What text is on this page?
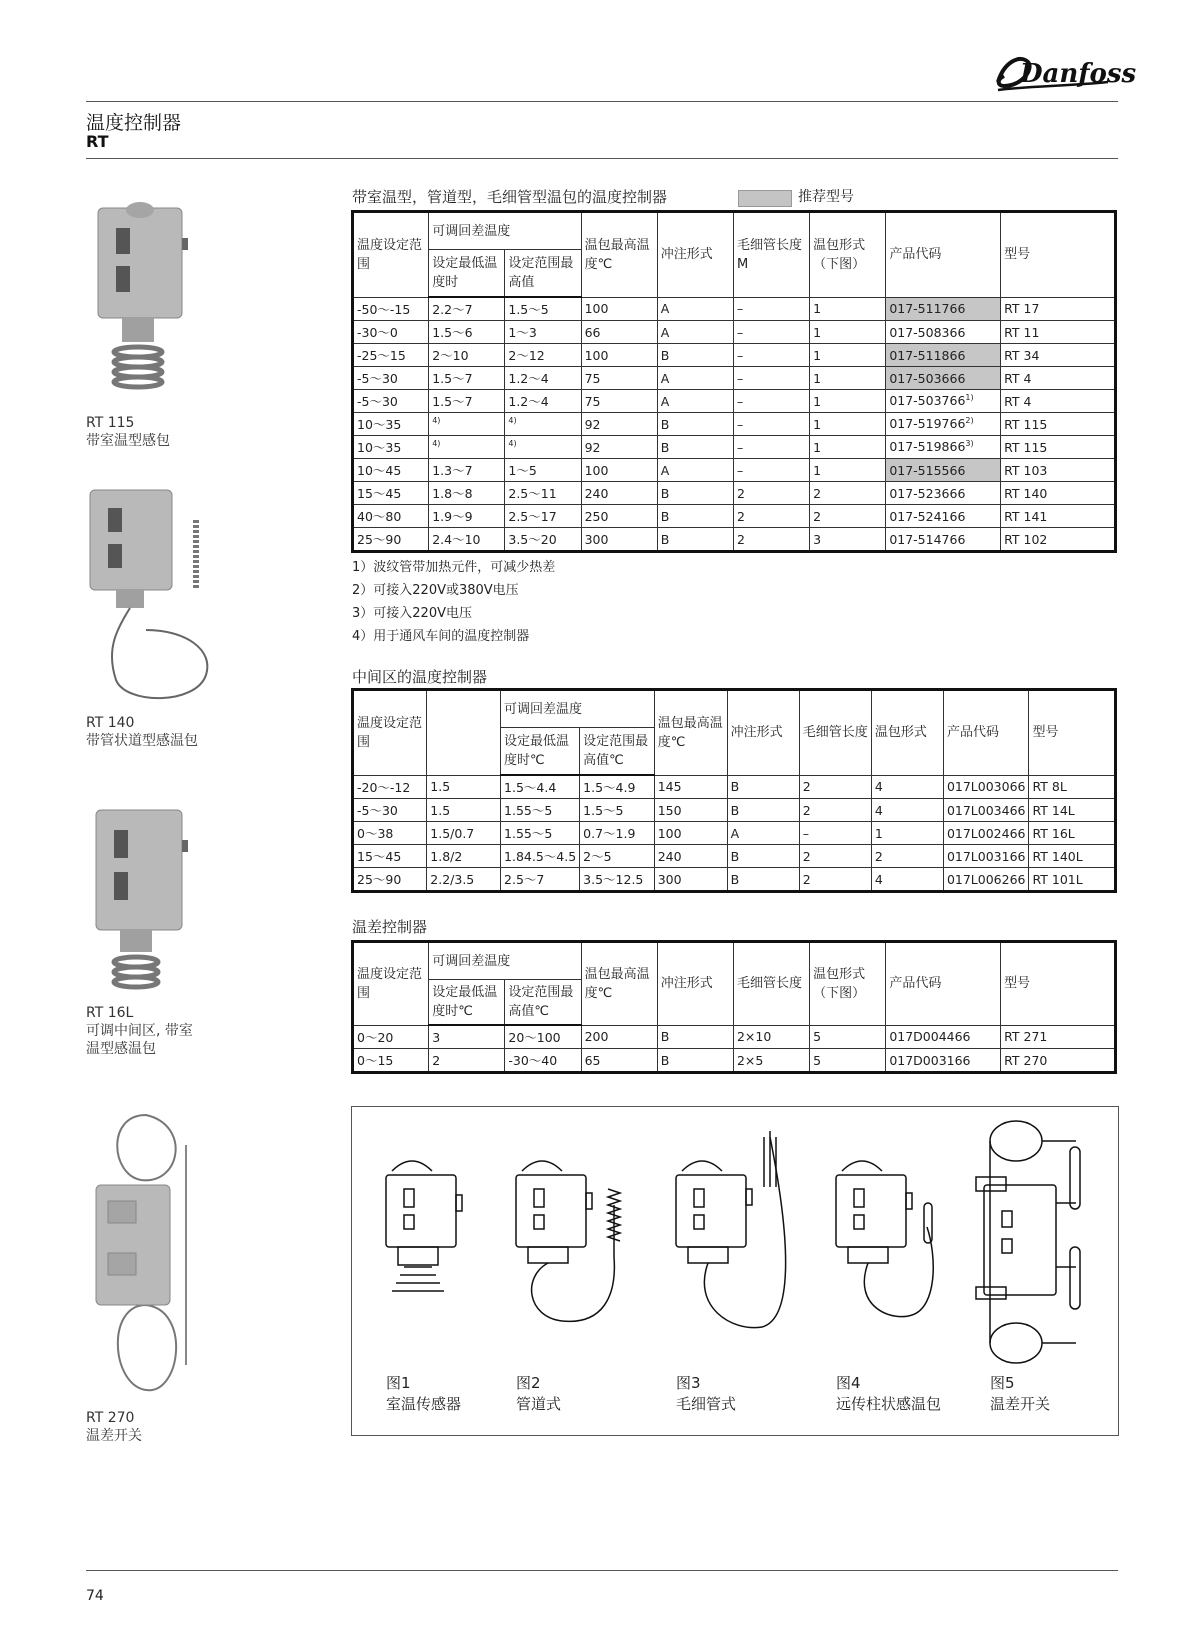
Danfoss
温度控制器
RT
RT 115
带室温型感包
RT 140
带管状道型感温包
RT 16L
可调中间区, 带室
温型感温包
RT 270
温差开关
带室温型，管道型，毛细管型温包的温度控制器	推荐型号
温度设定范围	可调回差温度		温包最高温度℃	冲注形式	毛细管长度M	温包形式（下图）	产品代码	型号
	设定最低温度时	设定范围最高值						
-50～-15	2.2～7	1.5～5	100	A	–	1	017-511766	RT 17
-30～0	1.5～6	1～3	66	A	–	1	017-508366	RT 11
-25～15	2～10	2～12	100	B	–	1	017-511866	RT 34
-5～30	1.5～7	1.2～4	75	A	–	1	017-503666	RT 4
-5～30	1.5～7	1.2～4	75	A	–	1	017-503766$^{1)}$	RT 4
10～35	$^{4)}$	$^{4)}$	92	B	–	1	017-519766$^{2)}$	RT 115
10～35	$^{4)}$	$^{4)}$	92	B	–	1	017-519866$^{3)}$	RT 115
10～45	1.3～7	1～5	100	A	–	1	017-515566	RT 103
15～45	1.8～8	2.5～11	240	B	2	2	017-523666	RT 140
40～80	1.9～9	2.5～17	250	B	2	2	017-524166	RT 141
25～90	2.4～10	3.5～20	300	B	2	3	017-514766	RT 102
1）波纹管带加热元件，可减少热差
2）可接入220V或380V电压
3）可接入220V电压
4）用于通风车间的温度控制器
中间区的温度控制器
温度设定范围		可调回差温度		温包最高温度℃	冲注形式	毛细管长度	温包形式	产品代码	型号
		设定最低温度时℃	设定范围最高值℃						
-20～-12	1.5	1.5～4.4	1.5～4.9	145	B	2	4	017L003066	RT 8L
-5～30	1.5	1.55～5	1.5～5	150	B	2	4	017L003466	RT 14L
0～38	1.5/0.7	1.55～5	0.7～1.9	100	A	–	1	017L002466	RT 16L
15～45	1.8/2	1.84.5～4.5	2～5	240	B	2	2	017L003166	RT 140L
25～90	2.2/3.5	2.5～7	3.5～12.5	300	B	2	4	017L006266	RT 101L
温差控制器
温度设定范围	可调回差温度		温包最高温度℃	冲注形式	毛细管长度	温包形式（下图）	产品代码	型号
	设定最低温度时℃	设定范围最高值℃						
0～20	3	20～100	200	B	2×10	5	017D004466	RT 271
0～15	2	-30～40	65	B	2×5	5	017D003166	RT 270
图1
室温传感器
图2
管道式
图3
毛细管式
图4
远传柱状感温包
图5
温差开关
74
